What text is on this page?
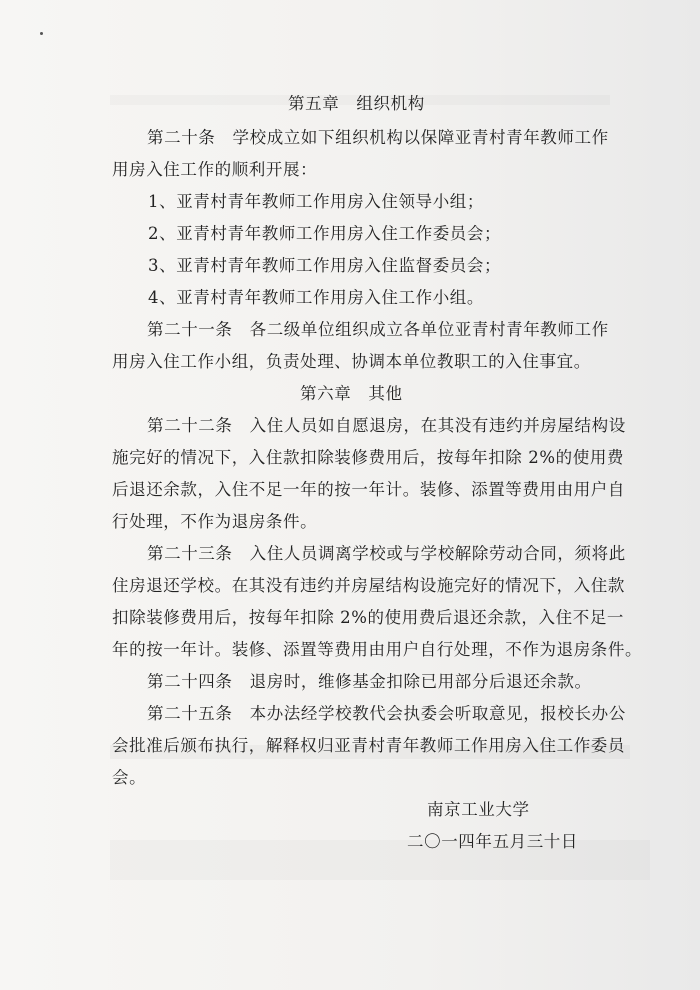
第五章　组织机构
第二十条　学校成立如下组织机构以保障亚青村青年教师工作
用房入住工作的顺利开展：
1、亚青村青年教师工作用房入住领导小组；
2、亚青村青年教师工作用房入住工作委员会；
3、亚青村青年教师工作用房入住监督委员会；
4、亚青村青年教师工作用房入住工作小组。
第二十一条　各二级单位组织成立各单位亚青村青年教师工作
用房入住工作小组，负责处理、协调本单位教职工的入住事宜。
第六章　其他
第二十二条　入住人员如自愿退房，在其没有违约并房屋结构设
施完好的情况下，入住款扣除装修费用后，按每年扣除 2%的使用费
后退还余款，入住不足一年的按一年计。装修、添置等费用由用户自
行处理，不作为退房条件。
第二十三条　入住人员调离学校或与学校解除劳动合同，须将此
住房退还学校。在其没有违约并房屋结构设施完好的情况下，入住款
扣除装修费用后，按每年扣除 2%的使用费后退还余款，入住不足一
年的按一年计。装修、添置等费用由用户自行处理，不作为退房条件。
第二十四条　退房时，维修基金扣除已用部分后退还余款。
第二十五条　本办法经学校教代会执委会听取意见，报校长办公
会批准后颁布执行，解释权归亚青村青年教师工作用房入住工作委员
会。
南京工业大学
二〇一四年五月三十日
